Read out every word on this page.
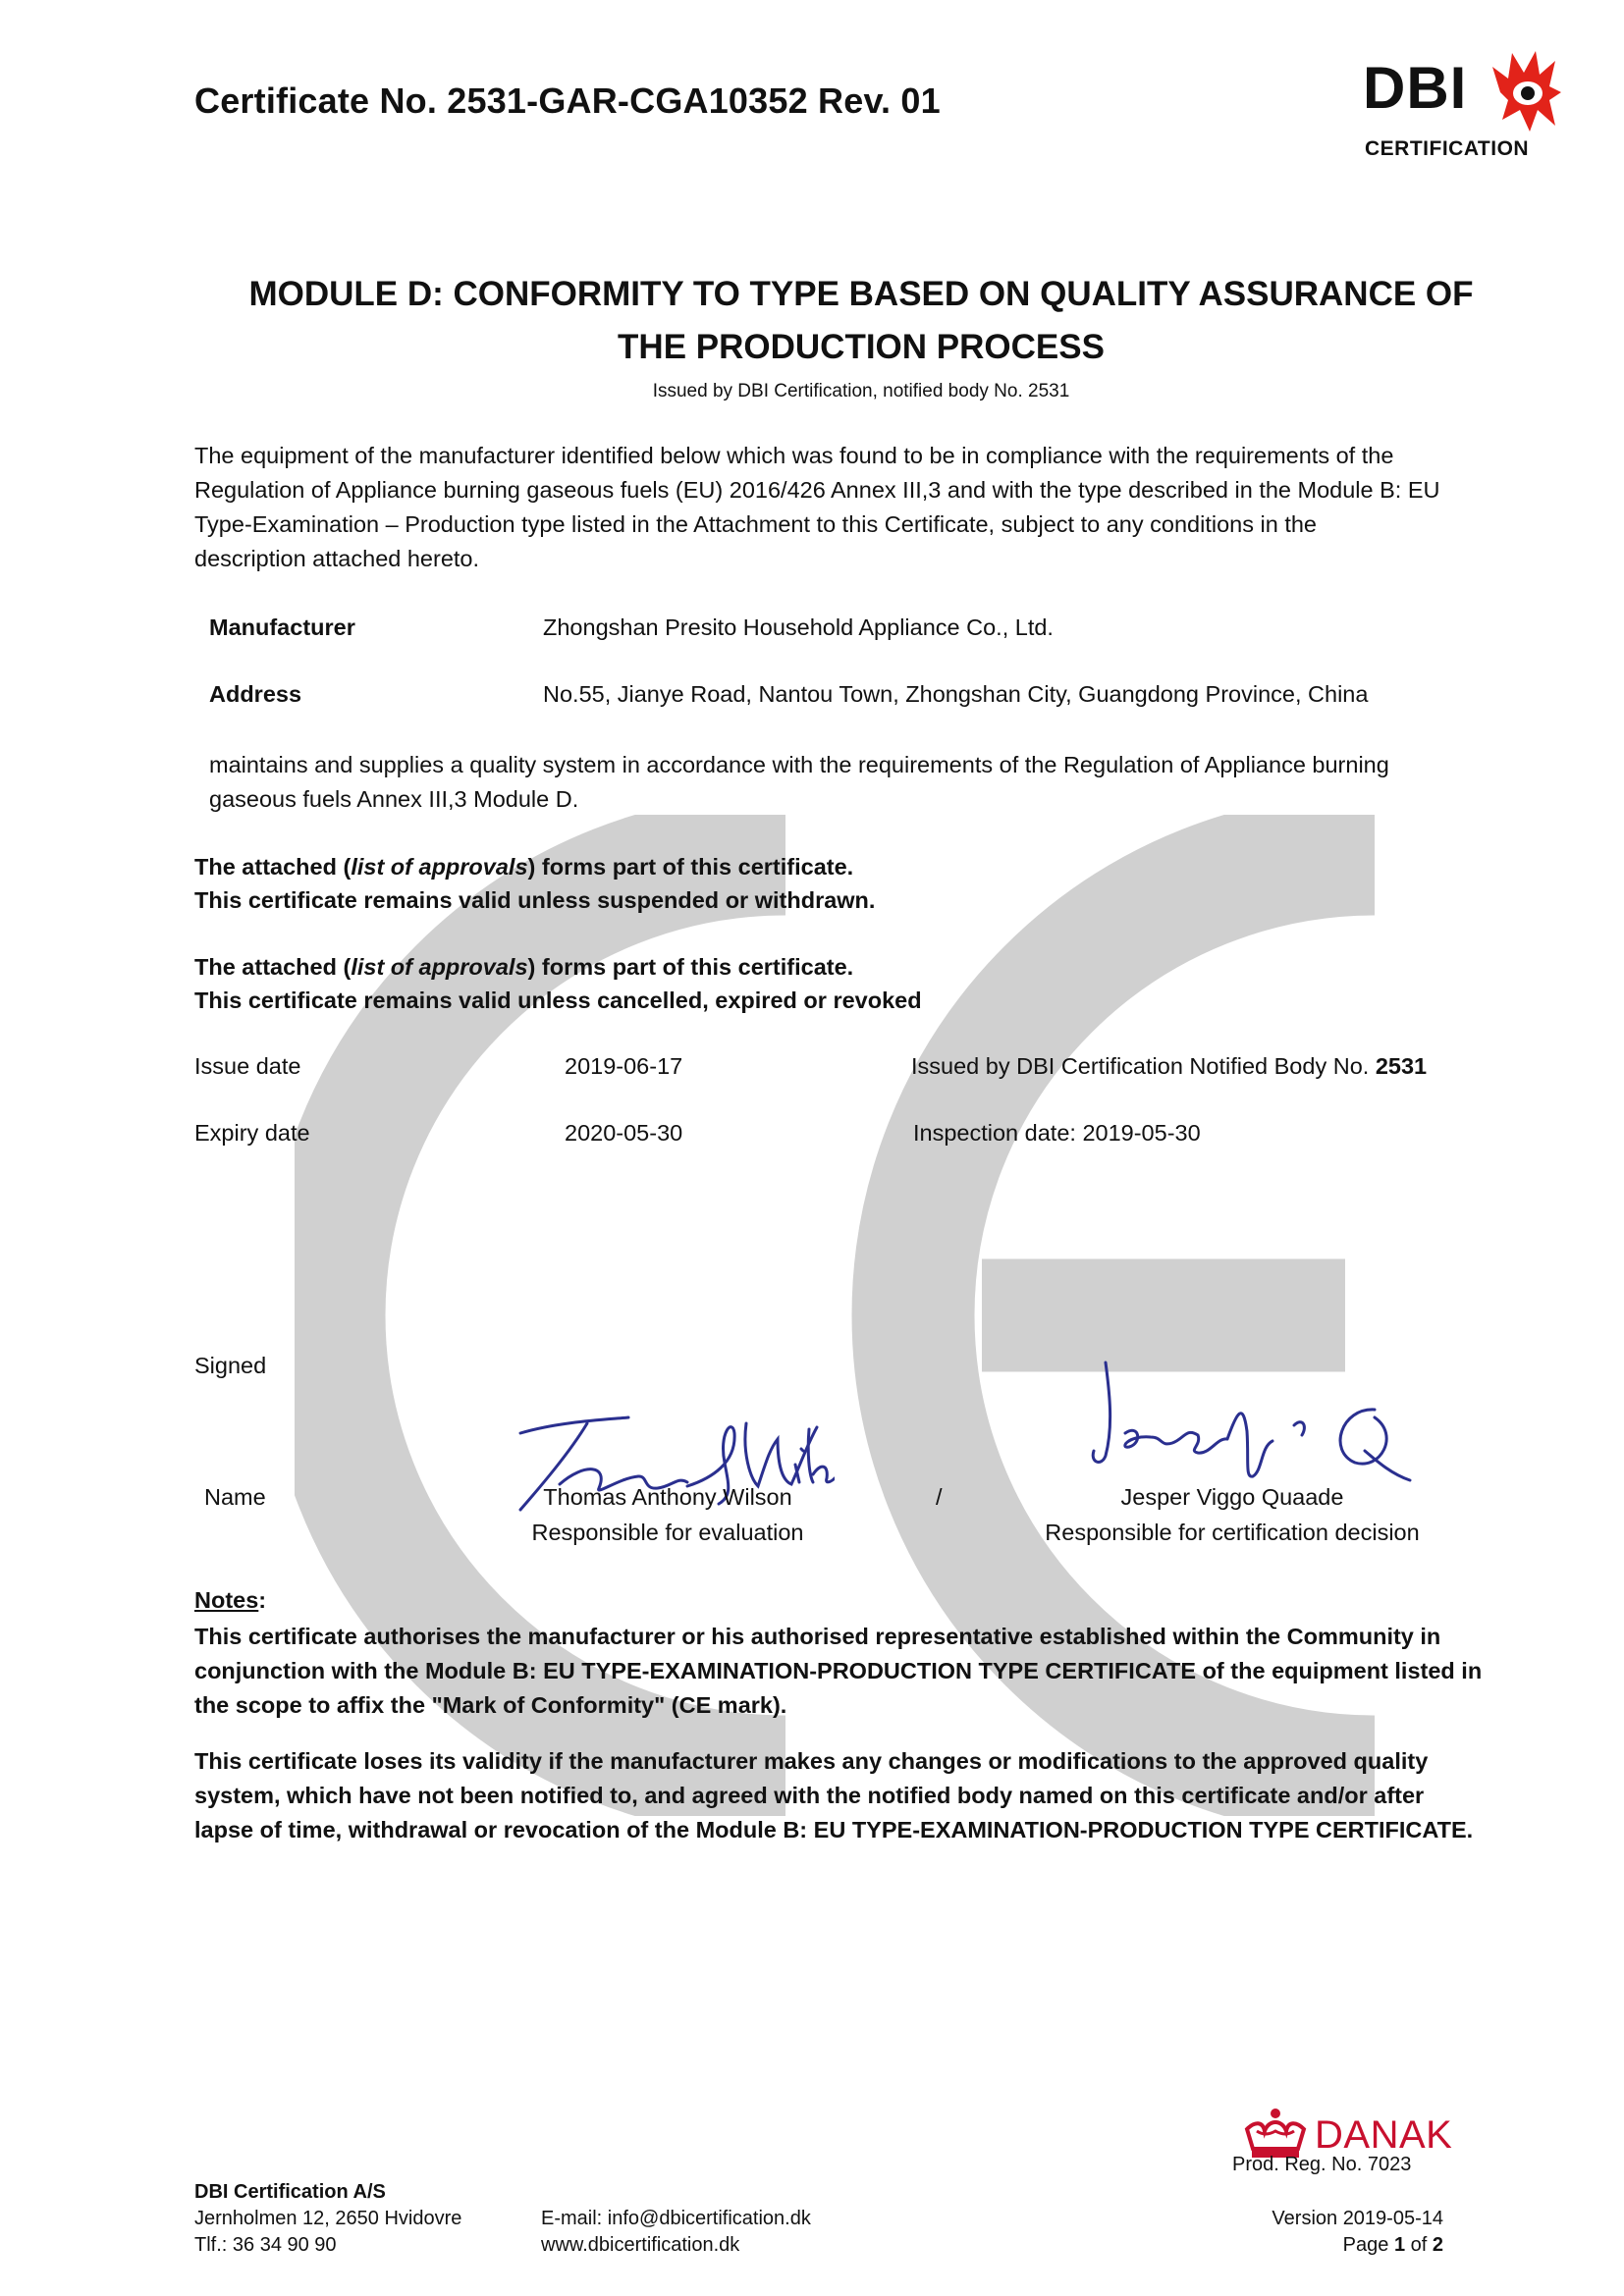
Certificate No. 2531-GAR-CGA10352 Rev. 01	DBI
CERTIFICATION
MODULE D: CONFORMITY TO TYPE BASED ON QUALITY ASSURANCE OF
THE PRODUCTION PROCESS
Issued by DBI Certification, notified body No. 2531
The equipment of the manufacturer identified below which was found to be in compliance with the requirements of the
Regulation of Appliance burning gaseous fuels (EU) 2016/426 Annex III,3 and with the type described in the Module B: EU
Type-Examination – Production type listed in the Attachment to this Certificate, subject to any conditions in the
description attached hereto.
Manufacturer	Zhongshan Presito Household Appliance Co., Ltd.
Address	No.55, Jianye Road, Nantou Town, Zhongshan City, Guangdong Province, China
maintains and supplies a quality system in accordance with the requirements of the Regulation of Appliance burning
gaseous fuels Annex III,3 Module D.
The attached (list of approvals) forms part of this certificate.
This certificate remains valid unless suspended or withdrawn.
The attached (list of approvals) forms part of this certificate.
This certificate remains valid unless cancelled, expired or revoked
Issue date	2019-06-17	Issued by DBI Certification Notified Body No. 2531
Expiry date	2020-05-30	Inspection date: 2019-05-30
Signed
Name	Thomas Anthony Wilson
Responsible for evaluation
/	Jesper Viggo Quaade
Responsible for certification decision
Notes:
This certificate authorises the manufacturer or his authorised representative established within the Community in
conjunction with the Module B: EU TYPE-EXAMINATION-PRODUCTION TYPE CERTIFICATE of the equipment listed in
the scope to affix the "Mark of Conformity" (CE mark).
This certificate loses its validity if the manufacturer makes any changes or modifications to the approved quality
system, which have not been notified to, and agreed with the notified body named on this certificate and/or after
lapse of time, withdrawal or revocation of the Module B: EU TYPE-EXAMINATION-PRODUCTION TYPE CERTIFICATE.
DANAK
Prod. Reg. No. 7023
DBI Certification A/S
Jernholmen 12, 2650 Hvidovre
Tlf.: 36 34 90 90
E-mail: info@dbicertification.dk
www.dbicertification.dk
Version 2019-05-14
Page 1 of 2
